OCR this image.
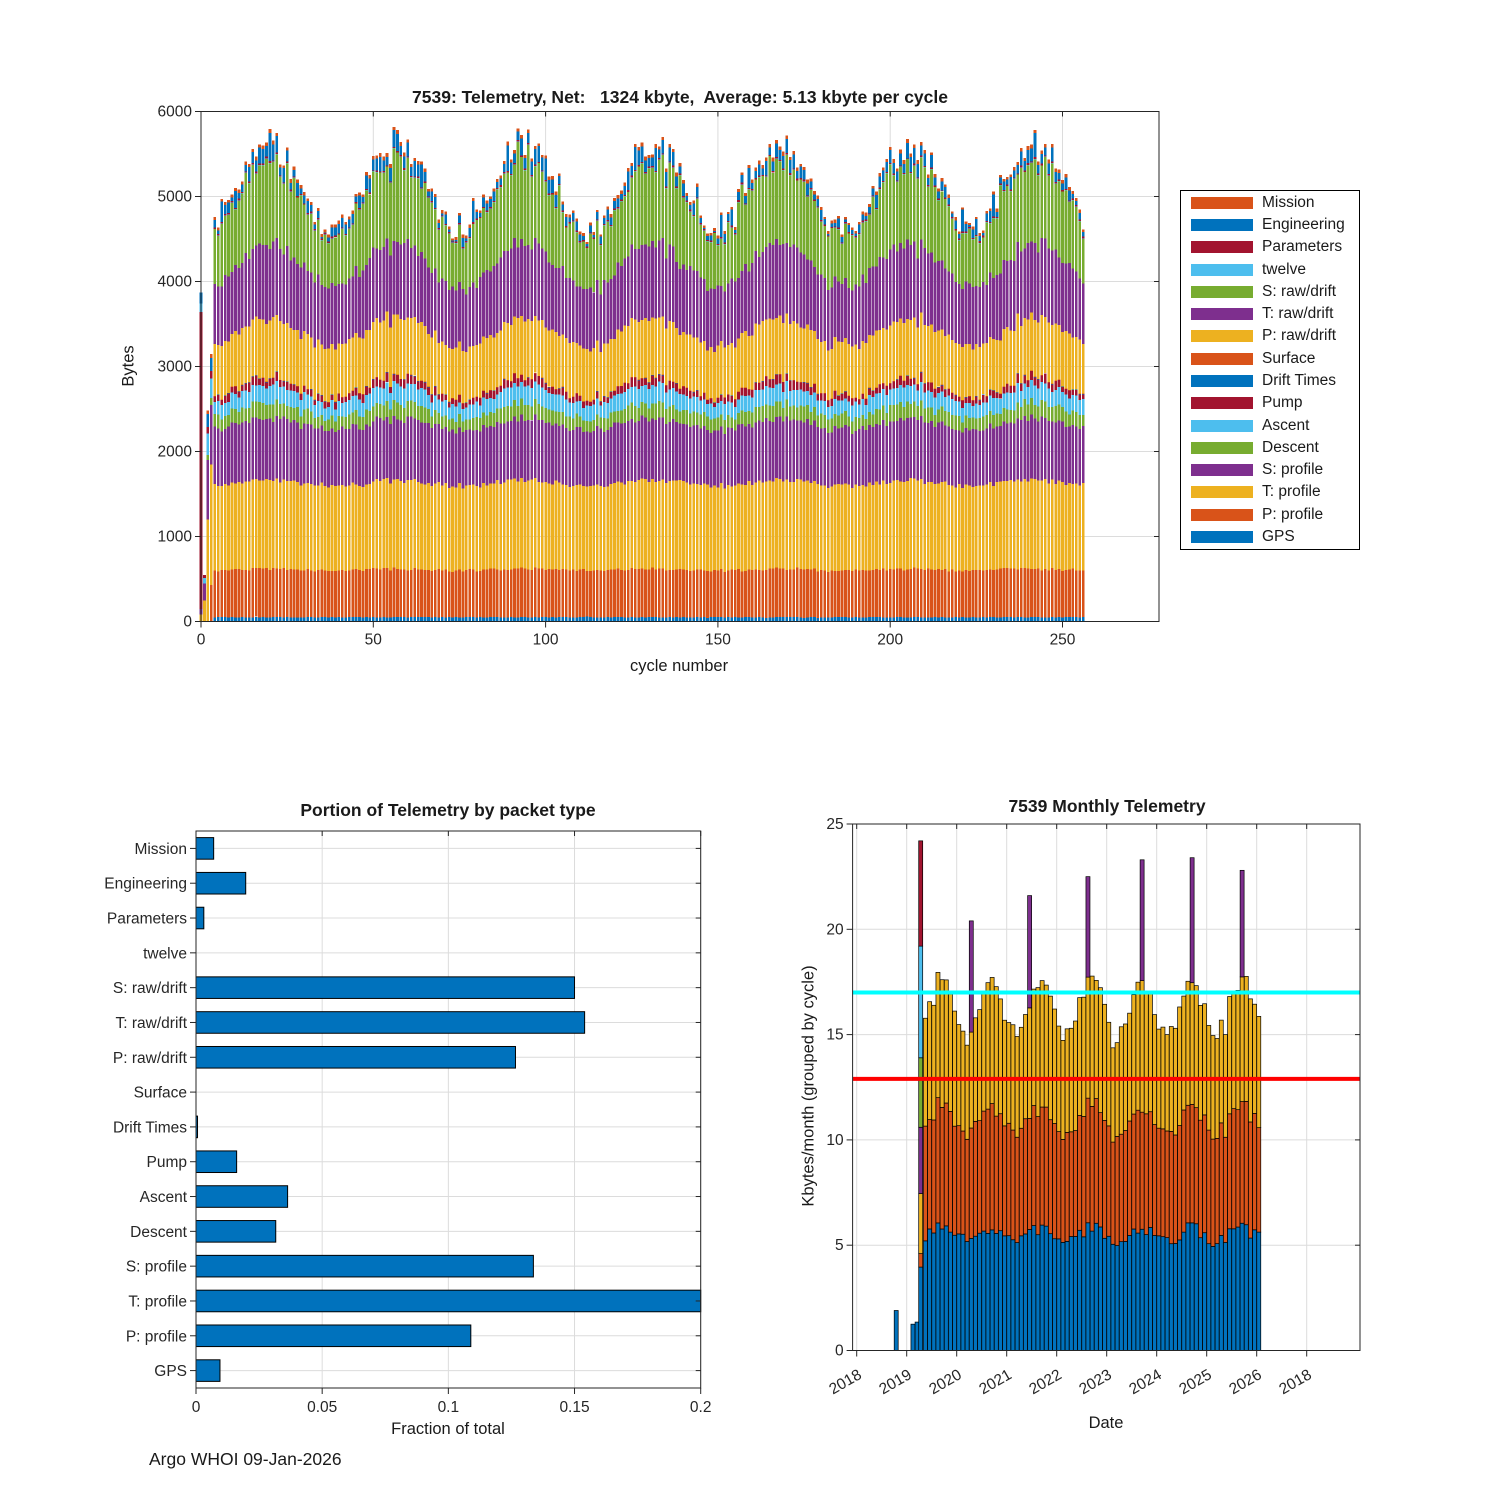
0	50	100	150	200	250
0
1000
2000
3000
4000
5000
6000
Mission
Engineering
Parameters
twelve
S: raw/drift
T: raw/drift
P: raw/drift
Surface
Drift Times
Pump
Ascent
Descent
S: profile
T: profile
P: profile
GPS
0	0.05	0.1	0.15	0.2
2018 2019 2020 2021 2022 2023 2024 2025 2026 2018
0
5
10
15
20
25
7539: Telemetry, Net:   1324 kbyte,  Average: 5.13 kbyte per cycle
Bytes
cycle number
Mission
Engineering
Parameters
twelve
S: raw/drift
T: raw/drift
P: raw/drift
Surface
Drift Times
Pump
Ascent
Descent
S: profile
T: profile
P: profile
GPS
Portion of Telemetry by packet type
Fraction of total
7539 Monthly Telemetry
Kbytes/month (grouped by cycle)
Date
Argo WHOI 09-Jan-2026
